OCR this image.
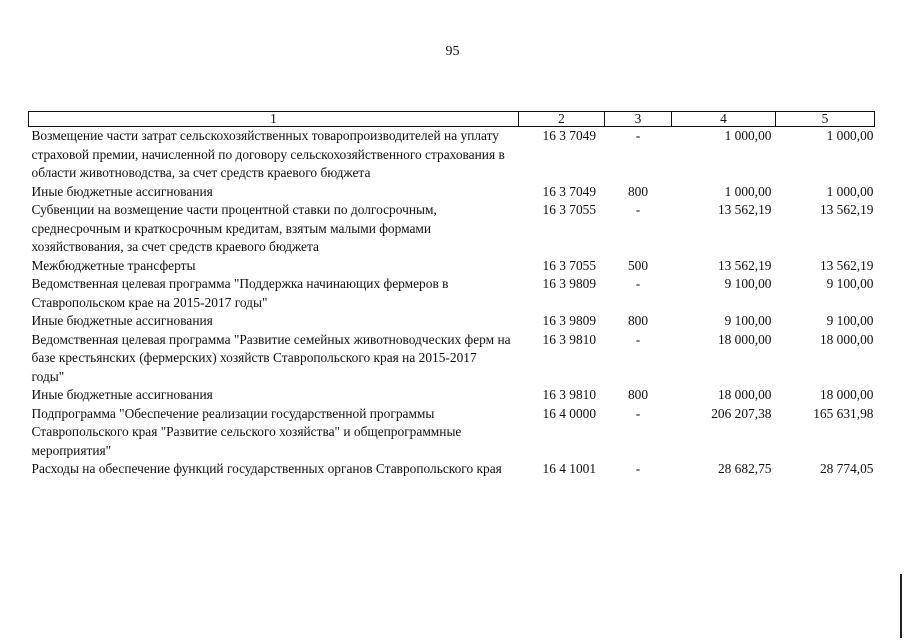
95
1	2	3	4	5
Возмещение части затрат сельскохозяйственных товаропроизводителей на уплату страховой премии, начисленной по договору сельскохозяйственного страхования в области животноводства, за счет средств краевого бюджета	16 3 7049	-	1 000,00	1 000,00
Иные бюджетные ассигнования	16 3 7049	800	1 000,00	1 000,00
Субвенции на возмещение части процентной ставки по долгосрочным, среднесрочным и краткосрочным кредитам, взятым малыми формами хозяйствования, за счет средств краевого бюджета	16 3 7055	-	13 562,19	13 562,19
Межбюджетные трансферты	16 3 7055	500	13 562,19	13 562,19
Ведомственная целевая программа "Поддержка начинающих фермеров в Ставропольском крае на 2015-2017 годы"	16 3 9809	-	9 100,00	9 100,00
Иные бюджетные ассигнования	16 3 9809	800	9 100,00	9 100,00
Ведомственная целевая программа "Развитие семейных животноводческих ферм на базе крестьянских (фермерских) хозяйств Ставропольского края на 2015-2017 годы"	16 3 9810	-	18 000,00	18 000,00
Иные бюджетные ассигнования	16 3 9810	800	18 000,00	18 000,00
Подпрограмма "Обеспечение реализации государственной программы Ставропольского края "Развитие сельского хозяйства" и общепрограммные мероприятия"	16 4 0000	-	206 207,38	165 631,98
Расходы на обеспечение функций государственных органов Ставропольского края	16 4 1001	-	28 682,75	28 774,05
